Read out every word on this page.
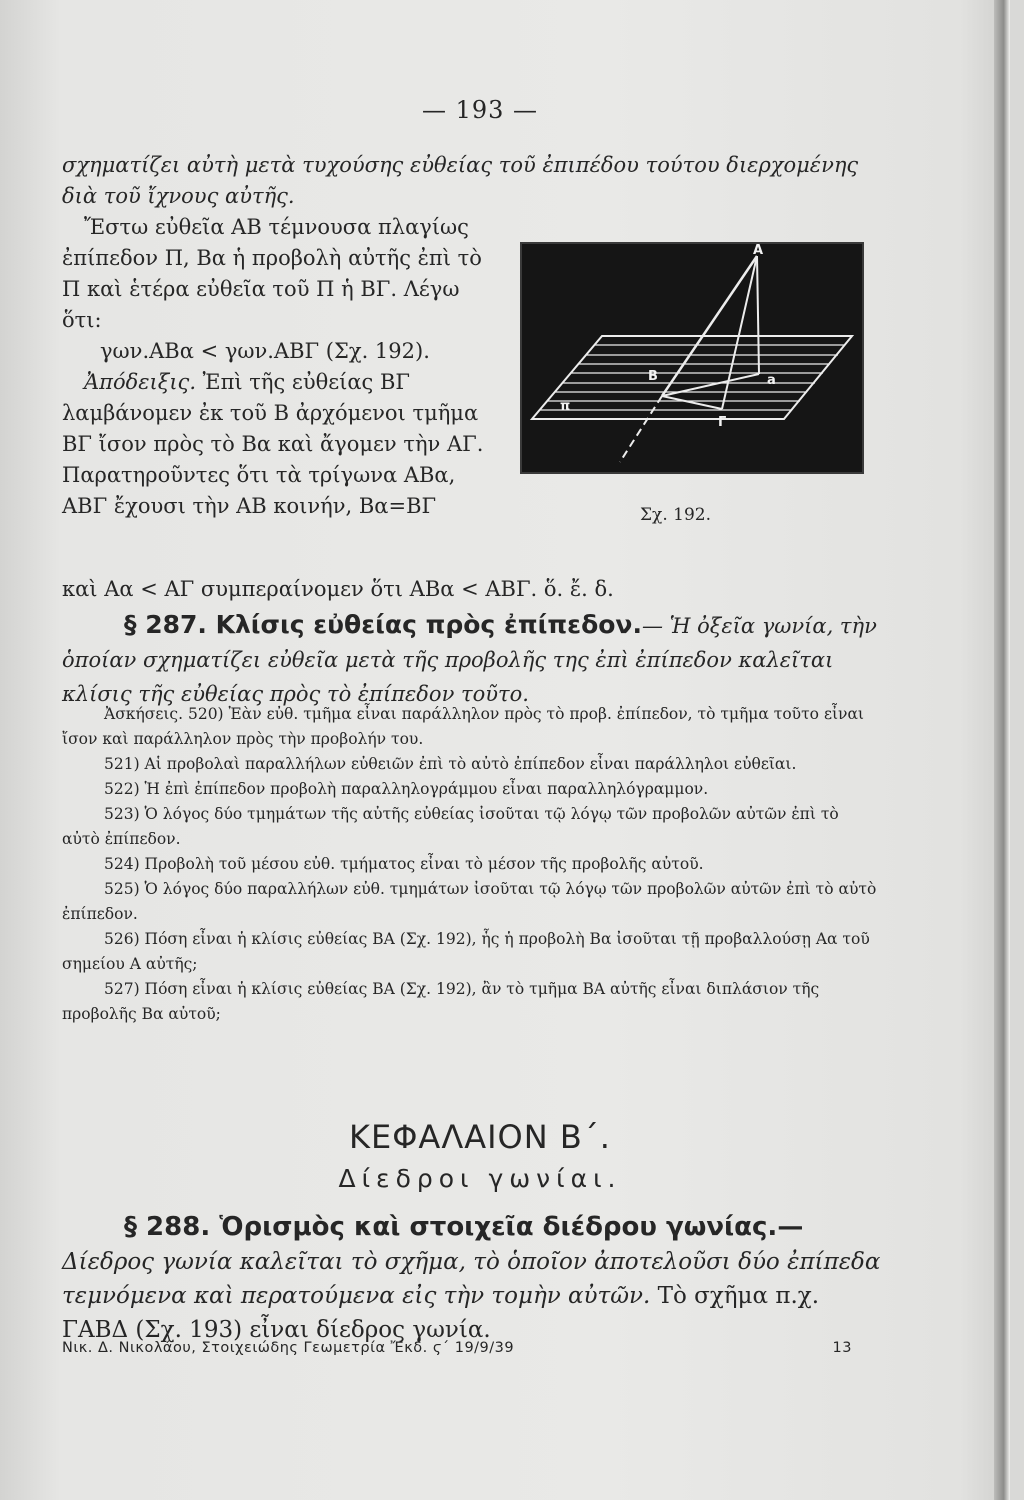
— 193 —
σχηματίζει αὐτὴ μετὰ τυχούσης εὐθείας τοῦ ἐπιπέδου τούτου διερχομένης διὰ τοῦ ἴχνους αὐτῆς.
Ἔστω εὐθεῖα ΑΒ τέμνουσα πλαγίως ἐπίπεδον Π, Βα ἡ προβολὴ αὐτῆς ἐπὶ τὸ Π καὶ ἑτέρα εὐθεῖα τοῦ Π ἡ ΒΓ. Λέγω ὅτι:
γων.ΑΒα < γων.ΑΒΓ (Σχ. 192).
Ἀπόδειξις. Ἐπὶ τῆς εὐθείας ΒΓ λαμβάνομεν ἐκ τοῦ Β ἀρχόμενοι τμῆμα ΒΓ ἴσον πρὸς τὸ Βα καὶ ἄγομεν τὴν ΑΓ. Παρατηροῦντες ὅτι τὰ τρίγωνα ΑΒα, ΑΒΓ ἔχουσι τὴν ΑΒ κοινήν, Βα=ΒΓ
A
B	a
Γ
π
Σχ. 192.
καὶ Αα < ΑΓ συμπεραίνομεν ὅτι ΑΒα < ΑΒΓ. ὅ. ἔ. δ.
§ 287. Κλίσις εὐθείας πρὸς ἐπίπεδον.— Ἡ ὀξεῖα γωνία, τὴν ὁποίαν σχηματίζει εὐθεῖα μετὰ τῆς προβολῆς της ἐπὶ ἐπίπεδον καλεῖται κλίσις τῆς εὐθείας πρὸς τὸ ἐπίπεδον τοῦτο.

Ἀσκήσεις. 520) Ἐὰν εὐθ. τμῆμα εἶναι παράλληλον πρὸς τὸ προβ. ἐπίπεδον, τὸ τμῆμα τοῦτο εἶναι ἴσον καὶ παράλληλον πρὸς τὴν προβολήν του.

521) Αἱ προβολαὶ παραλλήλων εὐθειῶν ἐπὶ τὸ αὐτὸ ἐπίπεδον εἶναι παράλληλοι εὐθεῖαι.

522) Ἡ ἐπὶ ἐπίπεδον προβολὴ παραλληλογράμμου εἶναι παραλληλόγραμμον.

523) Ὁ λόγος δύο τμημάτων τῆς αὐτῆς εὐθείας ἰσοῦται τῷ λόγῳ τῶν προβολῶν αὐτῶν ἐπὶ τὸ αὐτὸ ἐπίπεδον.

524) Προβολὴ τοῦ μέσου εὐθ. τμήματος εἶναι τὸ μέσον τῆς προβολῆς αὐτοῦ.

525) Ὁ λόγος δύο παραλλήλων εὐθ. τμημάτων ἰσοῦται τῷ λόγῳ τῶν προβολῶν αὐτῶν ἐπὶ τὸ αὐτὸ ἐπίπεδον.

526) Πόση εἶναι ἡ κλίσις εὐθείας ΒΑ (Σχ. 192), ἧς ἡ προβολὴ Βα ἰσοῦται τῇ προβαλλούσῃ Αα τοῦ σημείου Α αὐτῆς;

527) Πόση εἶναι ἡ κλίσις εὐθείας ΒΑ (Σχ. 192), ἂν τὸ τμῆμα ΒΑ αὐτῆς εἶναι διπλάσιον τῆς προβολῆς Βα αὐτοῦ;

ΚΕΦΑΛΑΙΟΝ Β΄.
Δίεδροι γωνίαι.
§ 288. Ὁρισμὸς καὶ στοιχεῖα διέδρου γωνίας.— Δίεδρος γωνία καλεῖται τὸ σχῆμα, τὸ ὁποῖον ἀποτελοῦσι δύο ἐπίπεδα τεμνόμενα καὶ περατούμενα εἰς τὴν τομὴν αὐτῶν. Τὸ σχῆμα π.χ. ΓΑΒΔ (Σχ. 193) εἶναι δίεδρος γωνία.
Νικ. Δ. Νικολάου, Στοιχειώδης Γεωμετρία Ἔκδ. ϛ΄ 19/9/39	13
